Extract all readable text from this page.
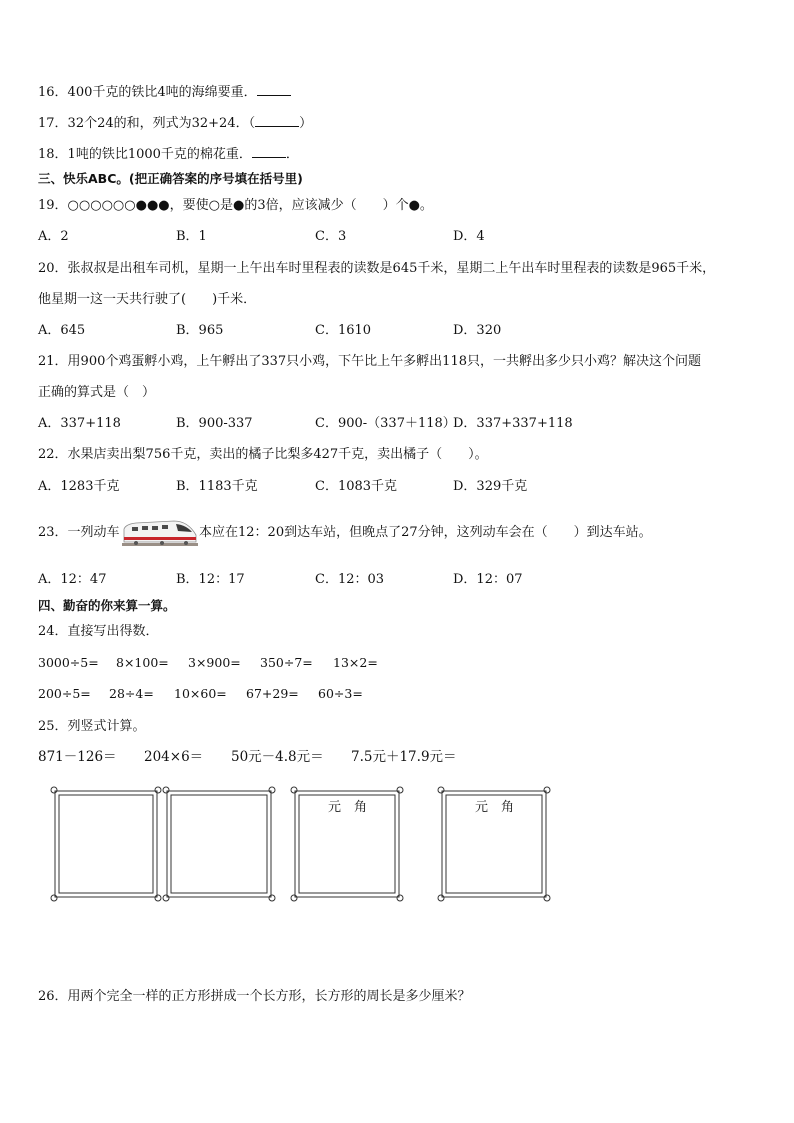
16．400千克的铁比4吨的海绵要重．
17．32个24的和，列式为32+24．（	）
18．1吨的铁比1000千克的棉花重．	．
三、快乐ABC。(把正确答案的序号填在括号里)
19．○○○○○○●●●，要使○是●的3倍，应该减少（　　）个●。
A．2	B．1	C．3	D．4
20．张叔叔是出租车司机，星期一上午出车时里程表的读数是645千米，星期二上午出车时里程表的读数是965千米，
他星期一这一天共行驶了(　　)千米．
A．645	B．965	C．1610	D．320
21．用900个鸡蛋孵小鸡，上午孵出了337只小鸡，下午比上午多孵出118只，一共孵出多少只小鸡？解决这个问题
正确的算式是（　）
A．337+118	B．900-337	C．900-（337＋118）
D．337+337+118
22．水果店卖出梨756千克，卖出的橘子比梨多427千克，卖出橘子（　　）。
A．1283千克	B．1183千克	C．1083千克	D．329千克
23．一列动车	本应在12：20到达车站，但晚点了27分钟，这列动车会在（　　）到达车站。
A．12：47	B．12：17	C．12：03	D．12：07
四、勤奋的你来算一算。
24．直接写出得数．
3000÷5= 8×100= 3×900= 350÷7= 13×2=
200÷5= 28÷4= 10×60= 67+29= 60÷3=
25．列竖式计算。
871－126＝ 204×6＝ 50元－4.8元＝ 7.5元＋17.9元＝
元　角	元　角
26．用两个完全一样的正方形拼成一个长方形，长方形的周长是多少厘米？
